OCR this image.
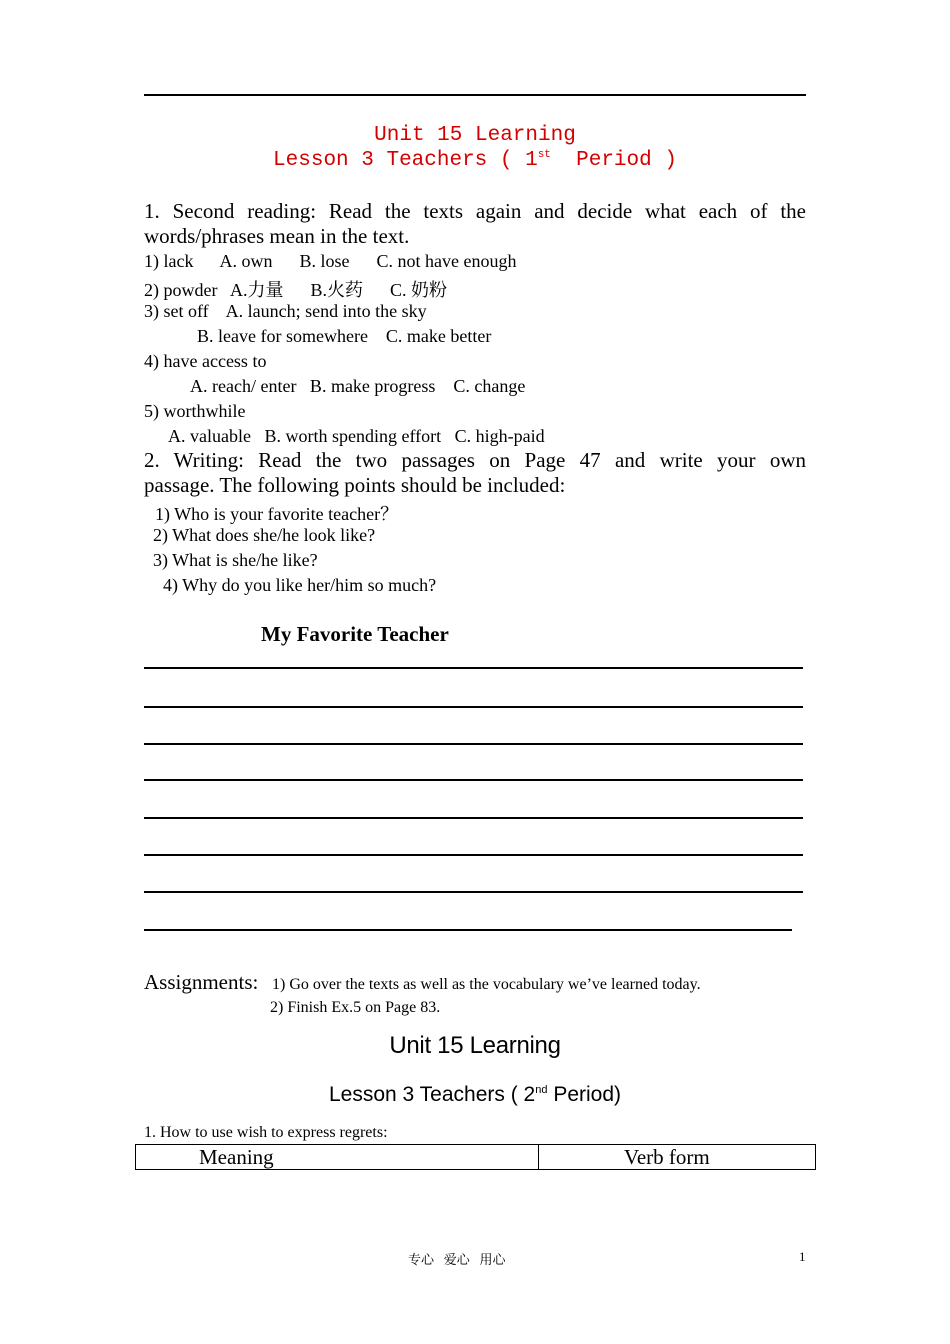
Unit 15 Learning
Lesson 3 Teachers ( 1st  Period )
1. Second reading: Read the texts again and decide what each of the
words/phrases mean in the text.
1) lack      A. own      B. lose      C. not have enough
2) powder   A.力量      B.火药      C. 奶粉
3) set off    A. launch; send into the sky
B. leave for somewhere    C. make better
4) have access to
A. reach/ enter   B. make progress    C. change
5) worthwhile
A. valuable   B. worth spending effort   C. high-paid
2. Writing: Read the two passages on Page 47 and write your own
passage. The following points should be included:
1) Who is your favorite teacher？
2) What does she/he look like?
3) What is she/he like?
4) Why do you like her/him so much?
My Favorite Teacher
Assignments: 1) Go over the texts as well as the vocabulary we’ve learned today.
2) Finish Ex.5 on Page 83.
Unit 15 Learning
Lesson 3 Teachers ( 2nd Period)
1. How to use wish to express regrets:
Meaning	Verb form
专心   爱心   用心	1
